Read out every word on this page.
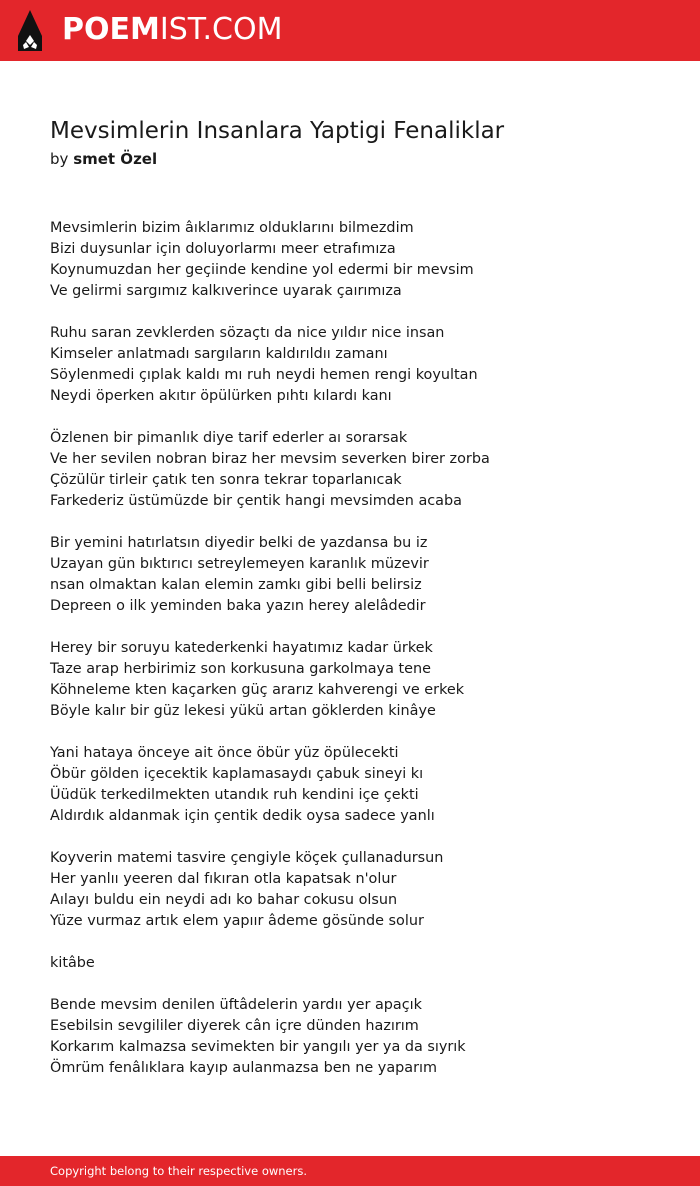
POEMIST.COM
Mevsimlerin Insanlara Yaptigi Fenaliklar
by smet Özel
Mevsimlerin bizim âıklarımız olduklarını bilmezdim
Bizi duysunlar için doluyorlarmı meer etrafımıza
Koynumuzdan her geçiinde kendine yol edermi bir mevsim
Ve gelirmi sargımız kalkıverince uyarak çaırımıza
Ruhu saran zevklerden sözaçtı da nice yıldır nice insan
Kimseler anlatmadı sargıların kaldırıldıı zamanı
Söylenmedi çıplak kaldı mı ruh neydi hemen rengi koyultan
Neydi öperken akıtır öpülürken pıhtı kılardı kanı
Özlenen bir pimanlık diye tarif ederler aı sorarsak
Ve her sevilen nobran biraz her mevsim severken birer zorba
Çözülür tirleir çatık ten sonra tekrar toparlanıcak
Farkederiz üstümüzde bir çentik hangi mevsimden acaba
Bir yemini hatırlatsın diyedir belki de yazdansa bu iz
Uzayan gün bıktırıcı setreylemeyen karanlık müzevir
nsan olmaktan kalan elemin zamkı gibi belli belirsiz
Depreen o ilk yeminden baka yazın herey alelâdedir
Herey bir soruyu katederkenki hayatımız kadar ürkek
Taze arap herbirimiz son korkusuna garkolmaya tene
Köhneleme kten kaçarken güç ararız kahverengi ve erkek
Böyle kalır bir güz lekesi yükü artan göklerden kinâye
Yani hataya önceye ait önce öbür yüz öpülecekti
Öbür gölden içecektik kaplamasaydı çabuk sineyi kı
Üüdük terkedilmekten utandık ruh kendini içe çekti
Aldırdık aldanmak için çentik dedik oysa sadece yanlı
Koyverin matemi tasvire çengiyle köçek çullanadursun
Her yanlıı yeeren dal fıkıran otla kapatsak n'olur
Aılayı buldu ein neydi adı ko bahar cokusu olsun
Yüze vurmaz artık elem yapıır âdeme gösünde solur
kitâbe
Bende mevsim denilen üftâdelerin yardıı yer apaçık
Esebilsin sevgililer diyerek cân içre dünden hazırım
Korkarım kalmazsa sevimekten bir yangılı yer ya da sıyrık
Ömrüm fenâlıklara kayıp aulanmazsa ben ne yaparım
Copyright belong to their respective owners.
